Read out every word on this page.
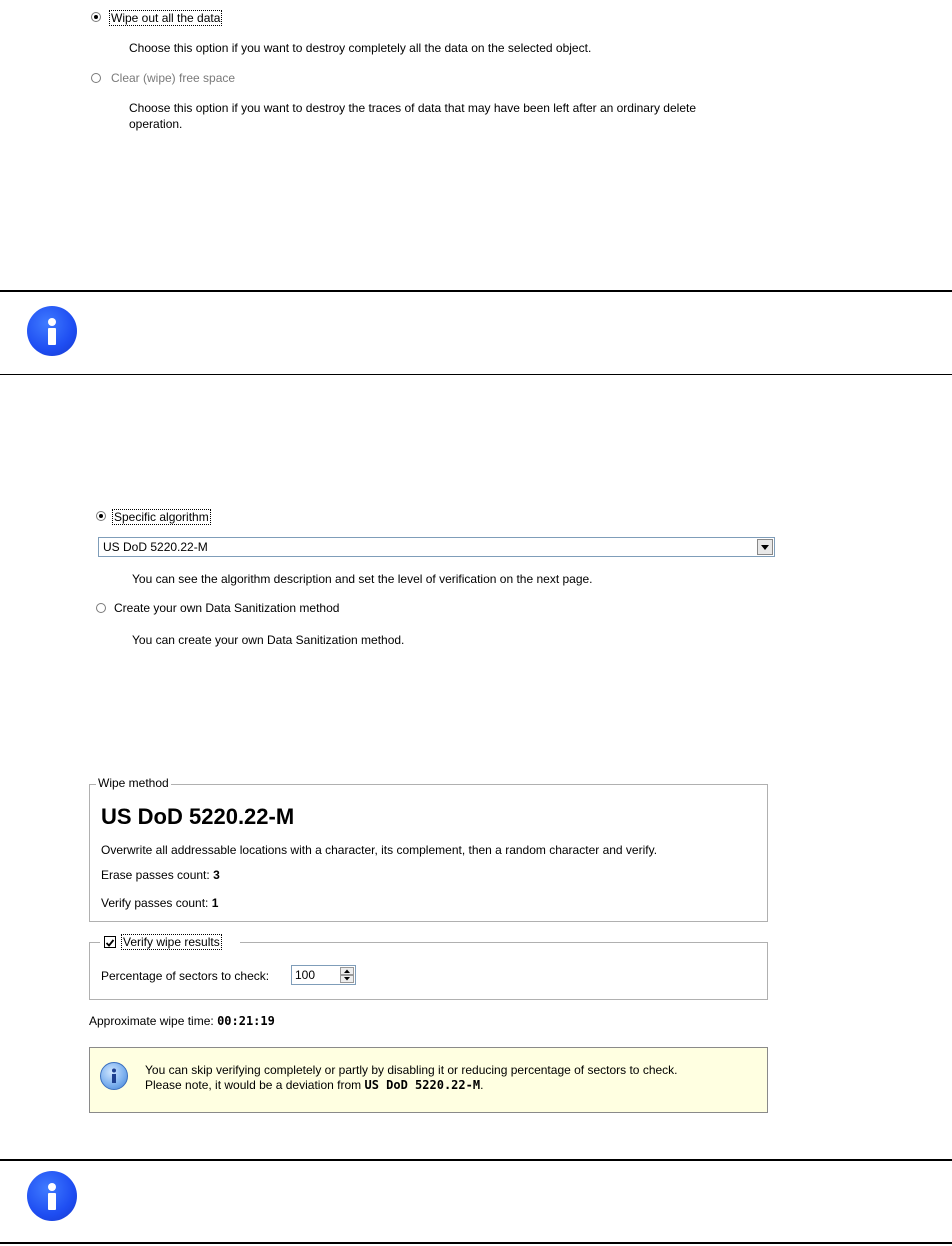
Wipe out all the data
Choose this option if you want to destroy completely all the data on the selected object.
Clear (wipe) free space
Choose this option if you want to destroy the traces of data that may have been left after an ordinary delete operation.
Specific algorithm
US DoD 5220.22-M
You can see the algorithm description and set the level of verification on the next page.
Create your own Data Sanitization method
You can create your own Data Sanitization method.
Wipe method
US DoD 5220.22-M
Overwrite all addressable locations with a character, its complement, then a random character and verify.
Erase passes count: 3
Verify passes count: 1
Verify wipe results
Percentage of sectors to check: 100
Approximate wipe time: 00:21:19
You can skip verifying completely or partly by disabling it or reducing percentage of sectors to check.
Please note, it would be a deviation from US DoD 5220.22-M.
